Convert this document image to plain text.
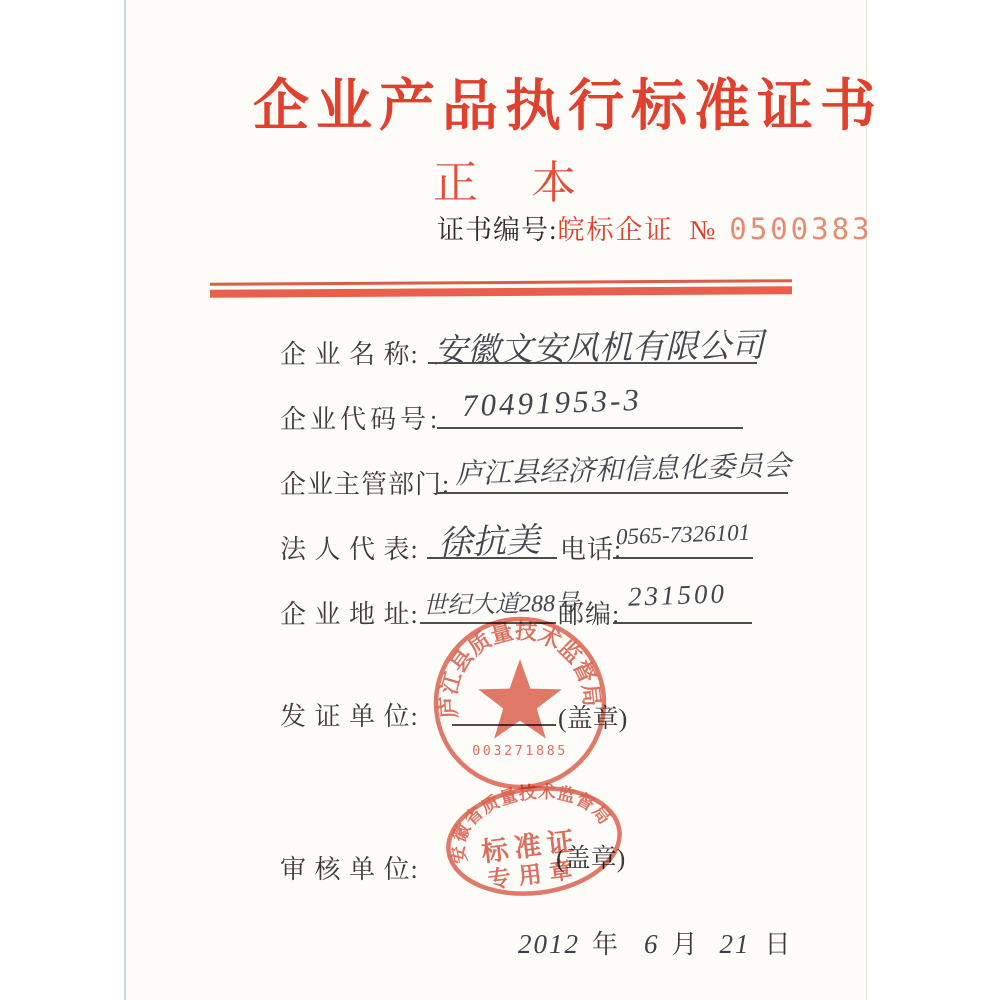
企业产品执行标准证书
正 本
证书编号:皖标企证 № 0500383
企 业 名 称: 安徽文安风机有限公司
企业代码号: 70491953-3
企业主管部门: 庐江县经济和信息化委员会
法 人 代 表: 徐抗美 电话:
0565-7326101
企 业 地 址: 世纪大道288号
邮编:
231500
发 证 单 位:	(盖章)
庐江县质量技术监督局
003271885
审 核 单 位:	(盖章)
安徽省质量技术监督局
标准证
专用章
2012 年 6 月 21 日
